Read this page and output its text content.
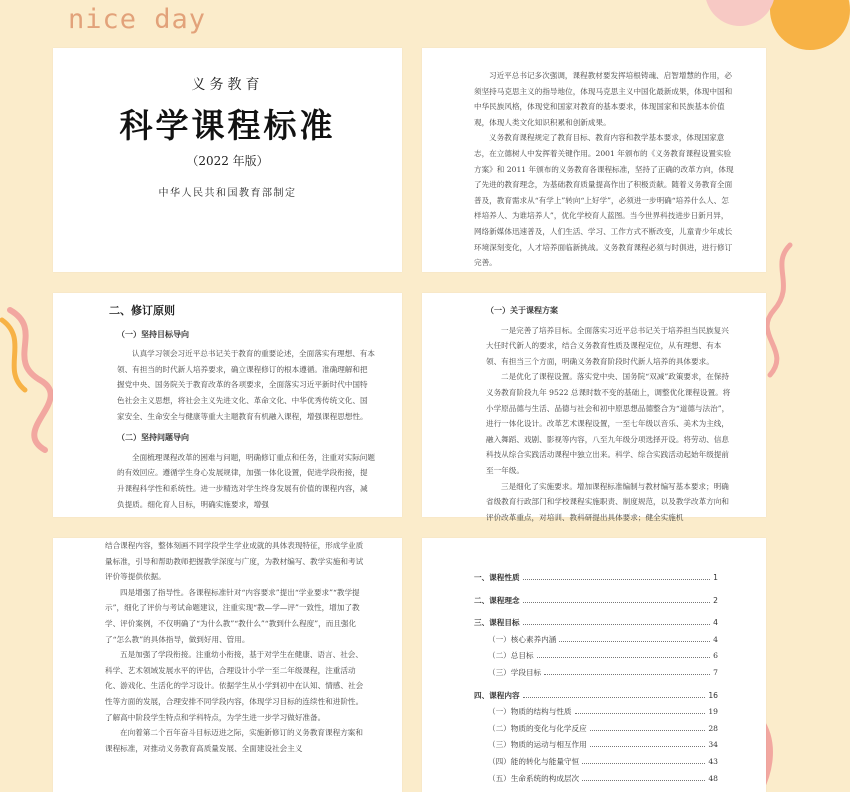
nice day
义务教育
科学课程标准
（2022 年版）
中华人民共和国教育部制定

习近平总书记多次强调，课程教材要发挥培根铸魂、启智增慧的作用，必须坚持马克思主义的指导地位，体现马克思主义中国化最新成果，体现中国和中华民族风格，体现党和国家对教育的基本要求，体现国家和民族基本价值观，体现人类文化知识积累和创新成果。

义务教育课程规定了教育目标、教育内容和教学基本要求，体现国家意志，在立德树人中发挥着关键作用。2001 年颁布的《义务教育课程设置实验方案》和 2011 年颁布的义务教育各课程标准，坚持了正确的改革方向，体现了先进的教育理念，为基础教育质量提高作出了积极贡献。随着义务教育全面普及，教育需求从“有学上”转向“上好学”，必须进一步明确“培养什么人、怎样培养人、为谁培养人”，优化学校育人蓝图。当今世界科技进步日新月异，网络新媒体迅速普及，人们生活、学习、工作方式不断改变，儿童青少年成长环境深刻变化，人才培养面临新挑战。义务教育课程必须与时俱进，进行修订完善。

二、修订原则
（一）坚持目标导向

认真学习领会习近平总书记关于教育的重要论述，全面落实有理想、有本领、有担当的时代新人培养要求，确立课程修订的根本遵循。准确理解和把握党中央、国务院关于教育改革的各项要求，全面落实习近平新时代中国特色社会主义思想，将社会主义先进文化、革命文化、中华优秀传统文化、国家安全、生命安全与健康等重大主题教育有机融入课程，增强课程思想性。

（二）坚持问题导向

全面梳理课程改革的困难与问题，明确修订重点和任务，注重对实际问题的有效回应。遵循学生身心发展规律，加强一体化设置，促进学段衔接，提升课程科学性和系统性。进一步精选对学生终身发展有价值的课程内容，减负提质。细化育人目标，明确实施要求，增强

（一）关于课程方案

一是完善了培养目标。全面落实习近平总书记关于培养担当民族复兴大任时代新人的要求，结合义务教育性质及课程定位，从有理想、有本领、有担当三个方面，明确义务教育阶段时代新人培养的具体要求。

二是优化了课程设置。落实党中央、国务院“双减”政策要求，在保持义务教育阶段九年 9522 总课时数不变的基础上，调整优化课程设置。将小学原品德与生活、品德与社会和初中原思想品德整合为“道德与法治”，进行一体化设计。改革艺术课程设置，一至七年级以音乐、美术为主线，融入舞蹈、戏剧、影视等内容，八至九年级分项选择开设。将劳动、信息科技从综合实践活动课程中独立出来。科学、综合实践活动起始年级提前至一年级。

三是细化了实施要求。增加课程标准编制与教材编写基本要求；明确省级教育行政部门和学校课程实施职责、制度规范，以及教学改革方向和评价改革重点，对培训、教科研提出具体要求；健全实施机

结合课程内容，整体刻画不同学段学生学业成就的具体表现特征，形成学业质量标准，引导和帮助教师把握教学深度与广度，为教材编写、教学实施和考试评价等提供依据。

四是增强了指导性。各课程标准针对“内容要求”提出“学业要求”“教学提示”，细化了评价与考试命题建议，注重实现“教—学—评”一致性，增加了教学、评价案例，不仅明确了“为什么教”“教什么”“教到什么程度”，而且强化了“怎么教”的具体指导，做到好用、管用。

五是加强了学段衔接。注重幼小衔接，基于对学生在健康、语言、社会、科学、艺术领域发展水平的评估，合理设计小学一至二年级课程，注重活动化、游戏化、生活化的学习设计。依据学生从小学到初中在认知、情感、社会性等方面的发展，合理安排不同学段内容，体现学习目标的连续性和进阶性。了解高中阶段学生特点和学科特点，为学生进一步学习做好准备。

在向着第二个百年奋斗目标迈进之际，实施新修订的义务教育课程方案和课程标准，对推动义务教育高质量发展、全面建设社会主义

一、课程性质	1
二、课程理念	2
三、课程目标	4
（一）核心素养内涵	4
（二）总目标	6
（三）学段目标	7
四、课程内容	16
（一）物质的结构与性质	19
（二）物质的变化与化学反应	28
（三）物质的运动与相互作用	34
（四）能的转化与能量守恒	43
（五）生命系统的构成层次	48
